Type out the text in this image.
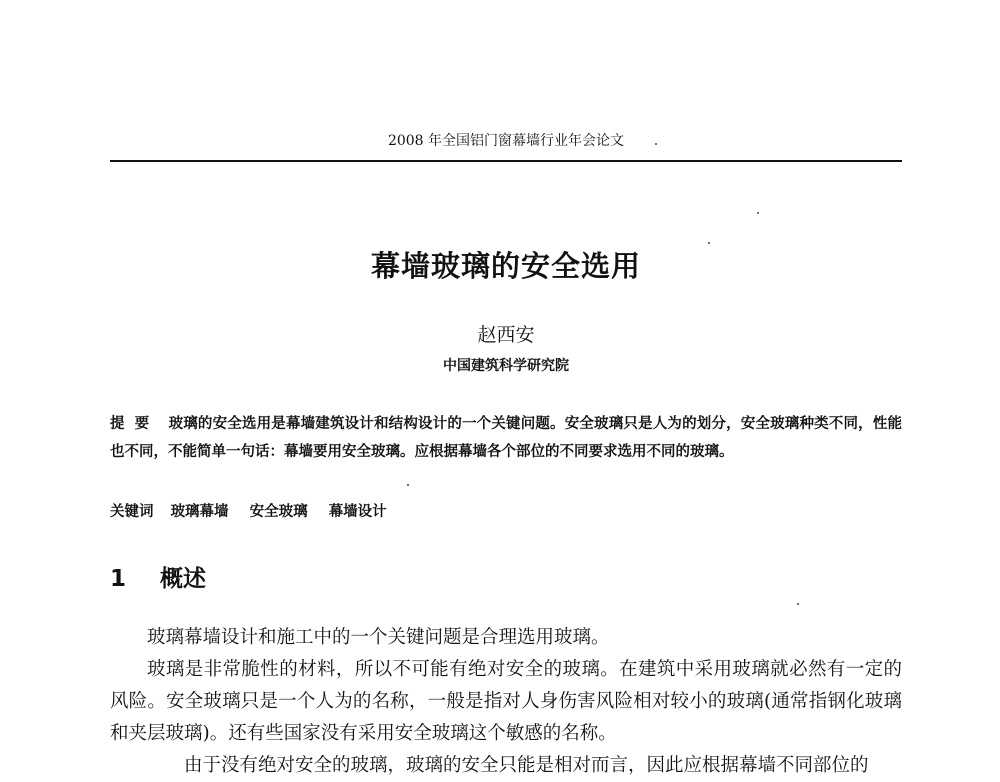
2008 年全国铝门窗幕墙行业年会论文
幕墙玻璃的安全选用
赵西安
中国建筑科学研究院
提要 玻璃的安全选用是幕墙建筑设计和结构设计的一个关键问题。安全玻璃只是人为的划分，安全玻璃种类不同，性能也不同，不能简单一句话：幕墙要用安全玻璃。应根据幕墙各个部位的不同要求选用不同的玻璃。
关键词 玻璃幕墙 安全玻璃 幕墙设计
1 概述

玻璃幕墙设计和施工中的一个关键问题是合理选用玻璃。

玻璃是非常脆性的材料，所以不可能有绝对安全的玻璃。在建筑中采用玻璃就必然有一定的风险。安全玻璃只是一个人为的名称，一般是指对人身伤害风险相对较小的玻璃(通常指钢化玻璃和夹层玻璃)。还有些国家没有采用安全玻璃这个敏感的名称。

由于没有绝对安全的玻璃，玻璃的安全只能是相对而言，因此应根据幕墙不同部位的
